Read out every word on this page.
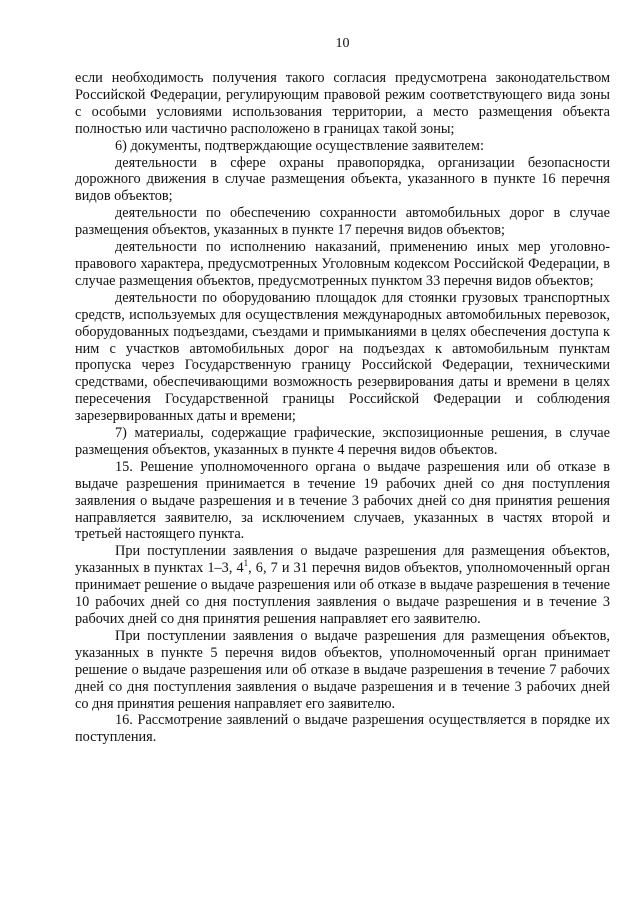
10

если необходимость получения такого согласия предусмотрена законодательством Российской Федерации, регулирующим правовой режим соответствующего вида зоны с особыми условиями использования территории, а место размещения объекта полностью или частично расположено в границах такой зоны;

6) документы, подтверждающие осуществление заявителем:

деятельности в сфере охраны правопорядка, организации безопасности дорожного движения в случае размещения объекта, указанного в пункте 16 перечня видов объектов;

деятельности по обеспечению сохранности автомобильных дорог в случае размещения объектов, указанных в пункте 17 перечня видов объектов;

деятельности по исполнению наказаний, применению иных мер уголовно-правового характера, предусмотренных Уголовным кодексом Российской Федерации, в случае размещения объектов, предусмотренных пунктом 33 перечня видов объектов;

деятельности по оборудованию площадок для стоянки грузовых транспортных средств, используемых для осуществления международных автомобильных перевозок, оборудованных подъездами, съездами и примыканиями в целях обеспечения доступа к ним с участков автомобильных дорог на подъездах к автомобильным пунктам пропуска через Государственную границу Российской Федерации, техническими средствами, обеспечивающими возможность резервирования даты и времени в целях пересечения Государственной границы Российской Федерации и соблюдения зарезервированных даты и времени;

7) материалы, содержащие графические, экспозиционные решения, в случае размещения объектов, указанных в пункте 4 перечня видов объектов.

15. Решение уполномоченного органа о выдаче разрешения или об отказе в выдаче разрешения принимается в течение 19 рабочих дней со дня поступления заявления о выдаче разрешения и в течение 3 рабочих дней со дня принятия решения направляется заявителю, за исключением случаев, указанных в частях второй и третьей настоящего пункта.

При поступлении заявления о выдаче разрешения для размещения объектов, указанных в пунктах 1–3, $4^1$, 6, 7 и 31 перечня видов объектов, уполномоченный орган принимает решение о выдаче разрешения или об отказе в выдаче разрешения в течение 10 рабочих дней со дня поступления заявления о выдаче разрешения и в течение 3 рабочих дней со дня принятия решения направляет его заявителю.

При поступлении заявления о выдаче разрешения для размещения объектов, указанных в пункте 5 перечня видов объектов, уполномоченный орган принимает решение о выдаче разрешения или об отказе в выдаче разрешения в течение 7 рабочих дней со дня поступления заявления о выдаче разрешения и в течение 3 рабочих дней со дня принятия решения направляет его заявителю.

16. Рассмотрение заявлений о выдаче разрешения осуществляется в порядке их поступления.
